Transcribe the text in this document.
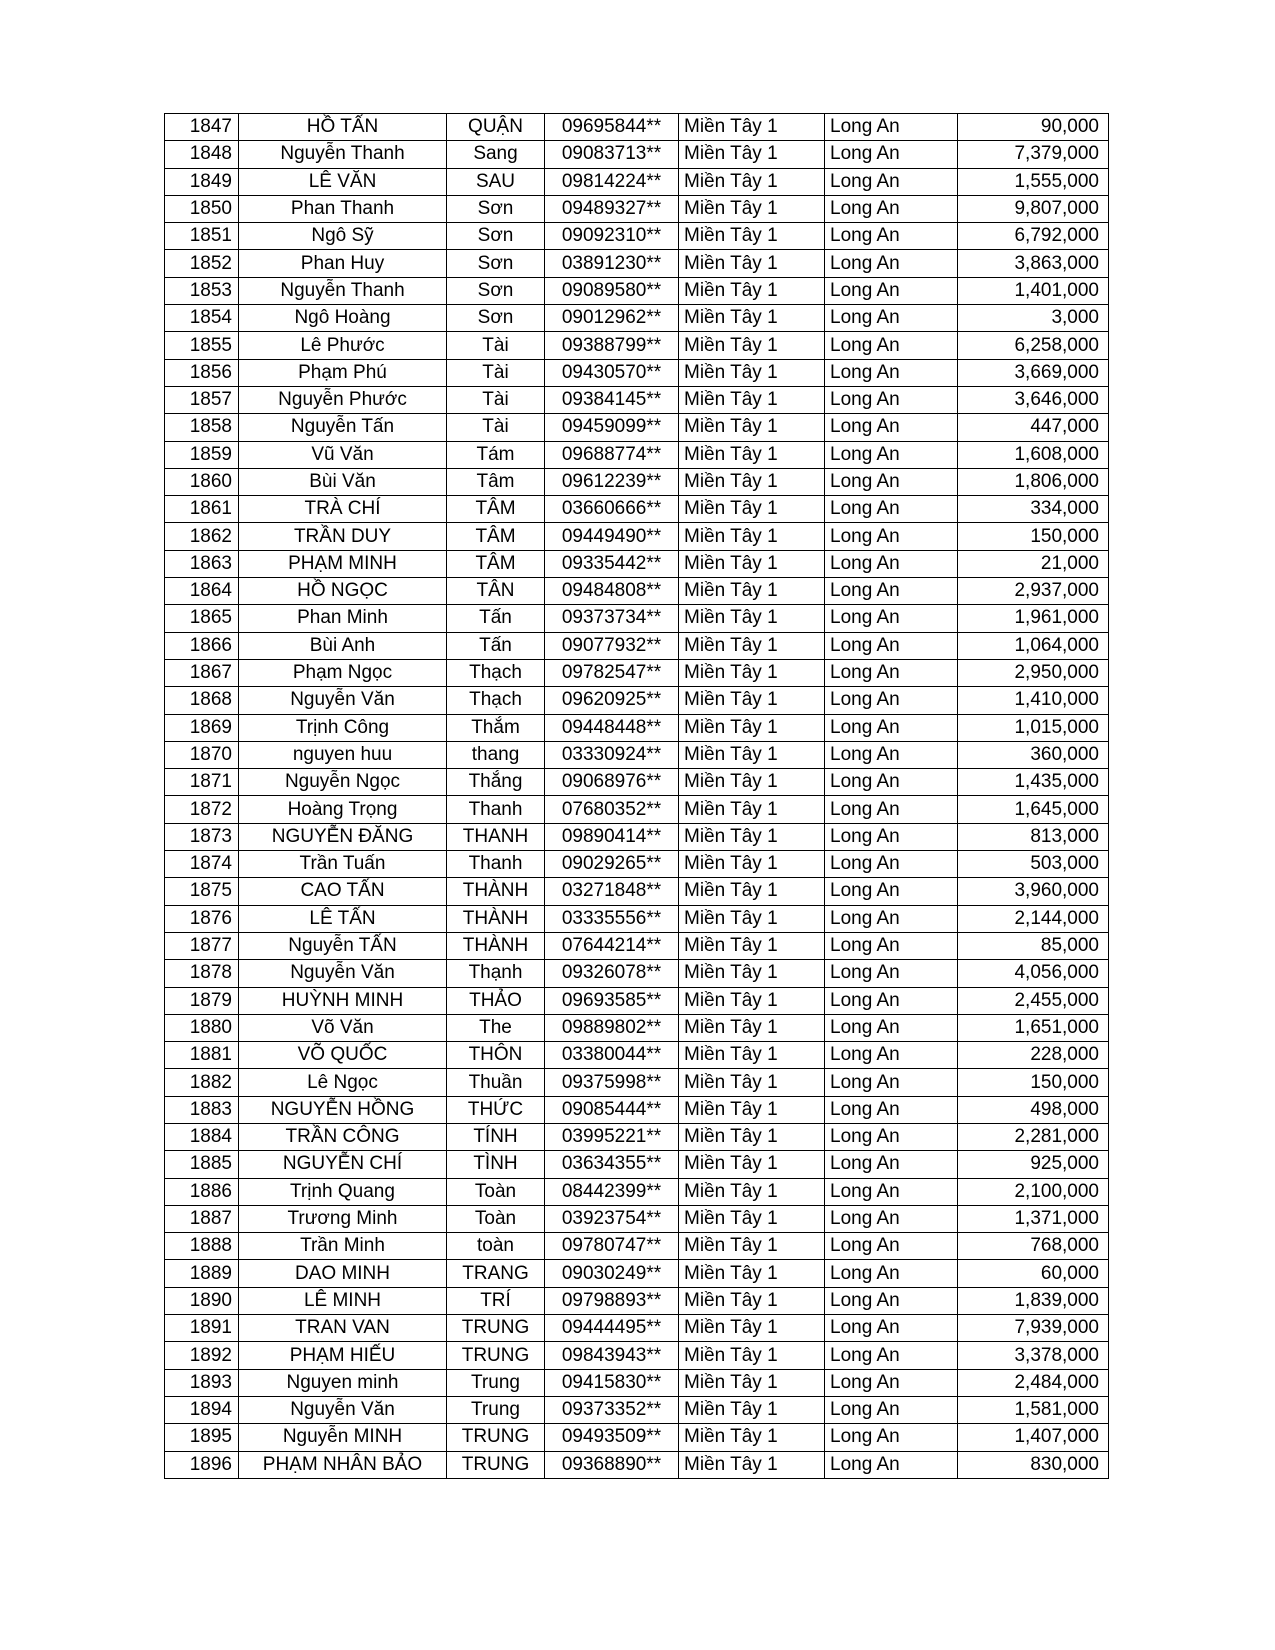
1847	HỒ TẤN	QUẬN	09695844**	Miền Tây 1	Long An	90,000
1848	Nguyễn Thanh	Sang	09083713**	Miền Tây 1	Long An	7,379,000
1849	LÊ VĂN	SAU	09814224**	Miền Tây 1	Long An	1,555,000
1850	Phan Thanh	Sơn	09489327**	Miền Tây 1	Long An	9,807,000
1851	Ngô Sỹ	Sơn	09092310**	Miền Tây 1	Long An	6,792,000
1852	Phan Huy	Sơn	03891230**	Miền Tây 1	Long An	3,863,000
1853	Nguyễn Thanh	Sơn	09089580**	Miền Tây 1	Long An	1,401,000
1854	Ngô Hoàng	Sơn	09012962**	Miền Tây 1	Long An	3,000
1855	Lê Phước	Tài	09388799**	Miền Tây 1	Long An	6,258,000
1856	Phạm Phú	Tài	09430570**	Miền Tây 1	Long An	3,669,000
1857	Nguyễn Phước	Tài	09384145**	Miền Tây 1	Long An	3,646,000
1858	Nguyễn Tấn	Tài	09459099**	Miền Tây 1	Long An	447,000
1859	Vũ Văn	Tám	09688774**	Miền Tây 1	Long An	1,608,000
1860	Bùi Văn	Tâm	09612239**	Miền Tây 1	Long An	1,806,000
1861	TRÀ CHÍ	TÂM	03660666**	Miền Tây 1	Long An	334,000
1862	TRẦN DUY	TÂM	09449490**	Miền Tây 1	Long An	150,000
1863	PHẠM MINH	TÂM	09335442**	Miền Tây 1	Long An	21,000
1864	HỒ NGỌC	TÂN	09484808**	Miền Tây 1	Long An	2,937,000
1865	Phan Minh	Tấn	09373734**	Miền Tây 1	Long An	1,961,000
1866	Bùi Anh	Tấn	09077932**	Miền Tây 1	Long An	1,064,000
1867	Phạm Ngọc	Thạch	09782547**	Miền Tây 1	Long An	2,950,000
1868	Nguyễn Văn	Thạch	09620925**	Miền Tây 1	Long An	1,410,000
1869	Trịnh Công	Thắm	09448448**	Miền Tây 1	Long An	1,015,000
1870	nguyen huu	thang	03330924**	Miền Tây 1	Long An	360,000
1871	Nguyễn Ngọc	Thắng	09068976**	Miền Tây 1	Long An	1,435,000
1872	Hoàng Trọng	Thanh	07680352**	Miền Tây 1	Long An	1,645,000
1873	NGUYỄN ĐĂNG	THANH	09890414**	Miền Tây 1	Long An	813,000
1874	Trần Tuấn	Thanh	09029265**	Miền Tây 1	Long An	503,000
1875	CAO TẤN	THÀNH	03271848**	Miền Tây 1	Long An	3,960,000
1876	LÊ TẤN	THÀNH	03335556**	Miền Tây 1	Long An	2,144,000
1877	Nguyễn TẤN	THÀNH	07644214**	Miền Tây 1	Long An	85,000
1878	Nguyễn Văn	Thạnh	09326078**	Miền Tây 1	Long An	4,056,000
1879	HUỲNH MINH	THẢO	09693585**	Miền Tây 1	Long An	2,455,000
1880	Võ Văn	The	09889802**	Miền Tây 1	Long An	1,651,000
1881	VÕ QUỐC	THÔN	03380044**	Miền Tây 1	Long An	228,000
1882	Lê Ngọc	Thuần	09375998**	Miền Tây 1	Long An	150,000
1883	NGUYỄN HỒNG	THỨC	09085444**	Miền Tây 1	Long An	498,000
1884	TRẦN CÔNG	TÍNH	03995221**	Miền Tây 1	Long An	2,281,000
1885	NGUYỄN CHÍ	TÌNH	03634355**	Miền Tây 1	Long An	925,000
1886	Trịnh Quang	Toàn	08442399**	Miền Tây 1	Long An	2,100,000
1887	Trương Minh	Toàn	03923754**	Miền Tây 1	Long An	1,371,000
1888	Trần Minh	toàn	09780747**	Miền Tây 1	Long An	768,000
1889	DAO MINH	TRANG	09030249**	Miền Tây 1	Long An	60,000
1890	LÊ MINH	TRÍ	09798893**	Miền Tây 1	Long An	1,839,000
1891	TRAN VAN	TRUNG	09444495**	Miền Tây 1	Long An	7,939,000
1892	PHẠM HIẾU	TRUNG	09843943**	Miền Tây 1	Long An	3,378,000
1893	Nguyen minh	Trung	09415830**	Miền Tây 1	Long An	2,484,000
1894	Nguyễn Văn	Trung	09373352**	Miền Tây 1	Long An	1,581,000
1895	Nguyễn MINH	TRUNG	09493509**	Miền Tây 1	Long An	1,407,000
1896	PHẠM NHÂN BẢO	TRUNG	09368890**	Miền Tây 1	Long An	830,000
